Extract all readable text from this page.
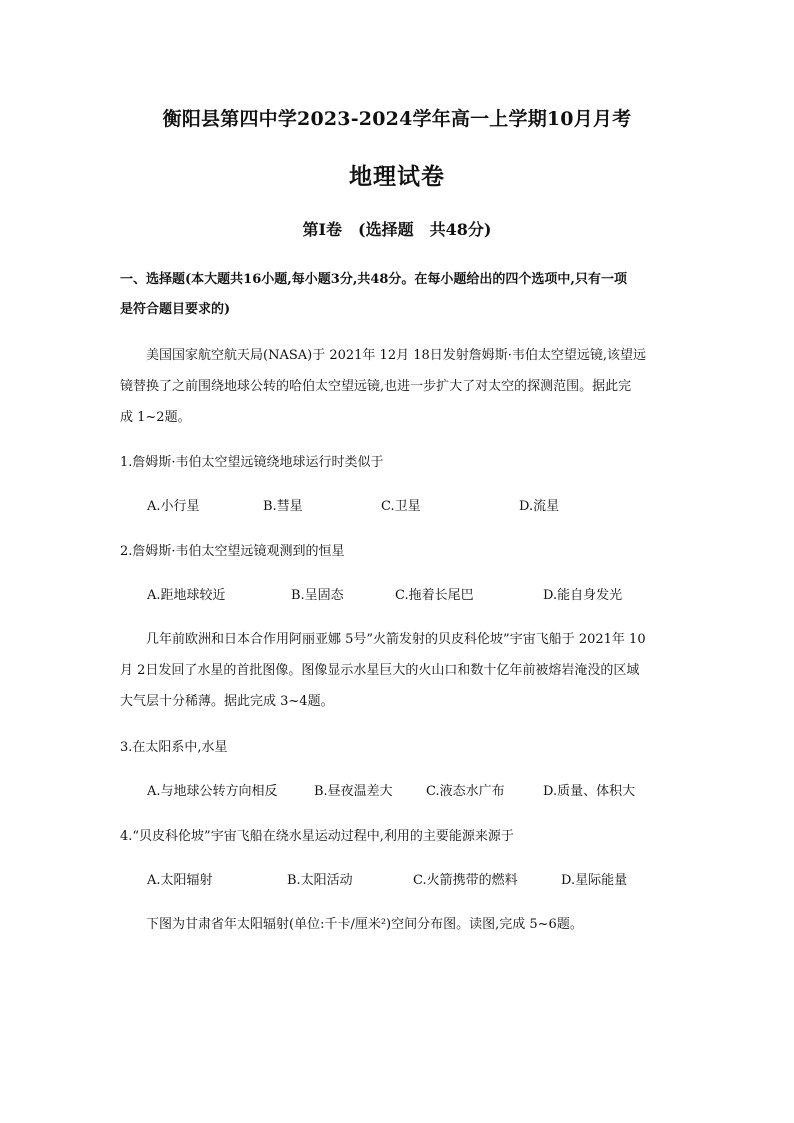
衡阳县第四中学2023-2024学年高一上学期10月月考
地理试卷
第Ⅰ卷　(选择题　共48分)
一、选择题(本大题共16小题,每小题3分,共48分。在每小题给出的四个选项中,只有一项
是符合题目要求的)
　　美国国家航空航天局(NASA)于 2021年 12月 18日发射詹姆斯·韦伯太空望远镜,该望远
镜替换了之前围绕地球公转的哈伯太空望远镜,也进一步扩大了对太空的探测范围。据此完
成 1~2题。
1.詹姆斯·韦伯太空望远镜绕地球运行时类似于
A.小行星	B.彗星	C.卫星	D.流星
2.詹姆斯·韦伯太空望远镜观测到的恒星
A.距地球较近	B.呈固态	C.拖着长尾巴	D.能自身发光
　　几年前欧洲和日本合作用阿丽亚娜 5号”火箭发射的贝皮科伦坡”宇宙飞船于 2021年 10
月 2日发回了水星的首批图像。图像显示水星巨大的火山口和数十亿年前被熔岩淹没的区域
大气层十分稀薄。据此完成 3~4题。
3.在太阳系中,水星
A.与地球公转方向相反	B.昼夜温差大	C.液态水广布	D.质量、体积大
4.“贝皮科伦坡”宇宙飞船在绕水星运动过程中,利用的主要能源来源于
A.太阳辐射	B.太阳活动	C.火箭携带的燃料	D.星际能量
　　下图为甘肃省年太阳辐射(单位:千卡/厘米²)空间分布图。读图,完成 5~6题。
